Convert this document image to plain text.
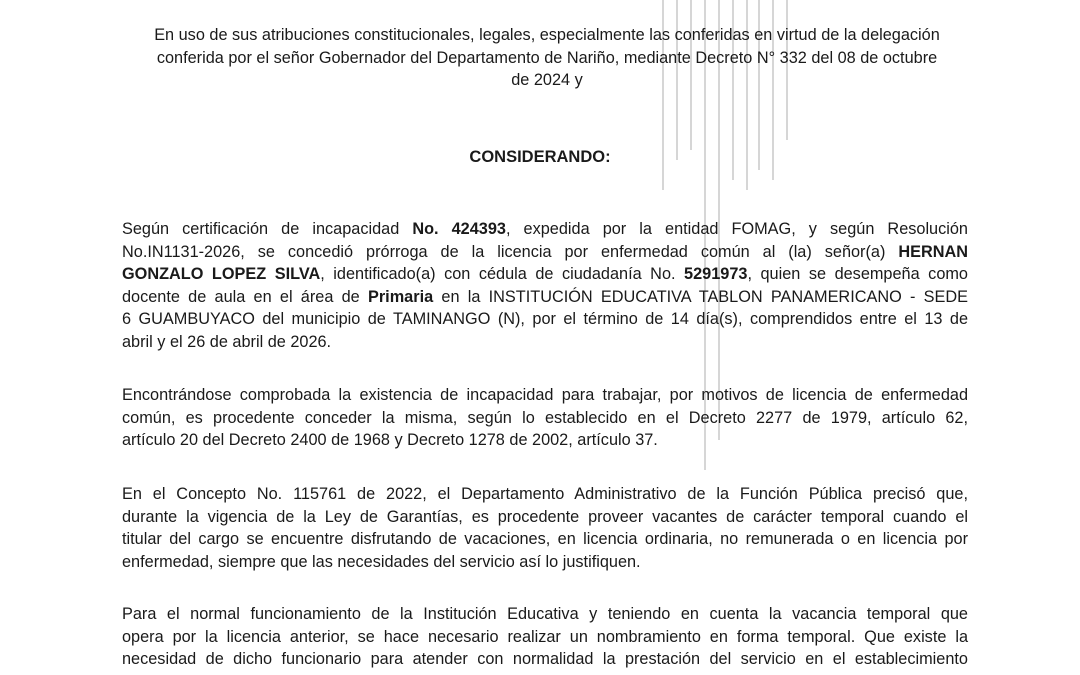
En uso de sus atribuciones constitucionales, legales, especialmente las conferidas en virtud de la delegación
conferida por el señor Gobernador del Departamento de Nariño, mediante Decreto N° 332 del 08 de octubre
de 2024 y

CONSIDERANDO:

Según certificación de incapacidad No. 424393, expedida por la entidad FOMAG, y según Resolución
No.IN1131-2026, se concedió prórroga de la licencia por enfermedad común al (la) señor(a) HERNAN
GONZALO LOPEZ SILVA, identificado(a) con cédula de ciudadanía No. 5291973, quien se desempeña como
docente de aula en el área de Primaria en la INSTITUCIÓN EDUCATIVA TABLON PANAMERICANO - SEDE
6 GUAMBUYACO del municipio de TAMINANGO (N), por el término de 14 día(s), comprendidos entre el 13 de
abril y el 26 de abril de 2026.

Encontrándose comprobada la existencia de incapacidad para trabajar, por motivos de licencia de enfermedad
común, es procedente conceder la misma, según lo establecido en el Decreto 2277 de 1979, artículo 62,
artículo 20 del Decreto 2400 de 1968 y Decreto 1278 de 2002, artículo 37.

En el Concepto No. 115761 de 2022, el Departamento Administrativo de la Función Pública precisó que,
durante la vigencia de la Ley de Garantías, es procedente proveer vacantes de carácter temporal cuando el
titular del cargo se encuentre disfrutando de vacaciones, en licencia ordinaria, no remunerada o en licencia por
enfermedad, siempre que las necesidades del servicio así lo justifiquen.

Para el normal funcionamiento de la Institución Educativa y teniendo en cuenta la vacancia temporal que
opera por la licencia anterior, se hace necesario realizar un nombramiento en forma temporal. Que existe la
necesidad de dicho funcionario para atender con normalidad la prestación del servicio en el establecimiento
